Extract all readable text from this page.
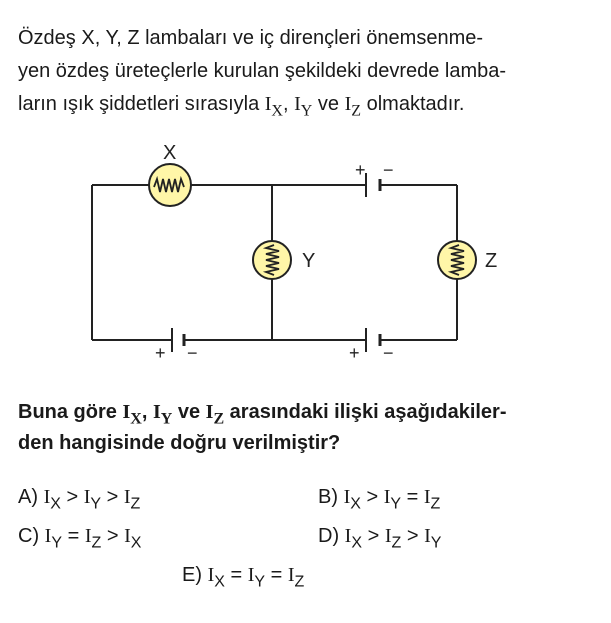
Özdeş X, Y, Z lambaları ve iç dirençleri önemsenme-
yen özdeş üreteçlerle kurulan şekildeki devrede lamba-
ların ışık şiddetleri sırasıyla $I_X$, $I_Y$ ve $I_Z$ olmaktadır.

+ −
+ −	+ −
X
Y	Z

Buna göre $I_X$, $I_Y$ ve $I_Z$ arasındaki ilişki aşağıdakiler-
den hangisinde doğru verilmiştir?

A) $I_X > I_Y > I_Z$	B) $I_X > I_Y = I_Z$
C) $I_Y = I_Z > I_X$	D) $I_X > I_Z > I_Y$
E) $I_X = I_Y = I_Z$
